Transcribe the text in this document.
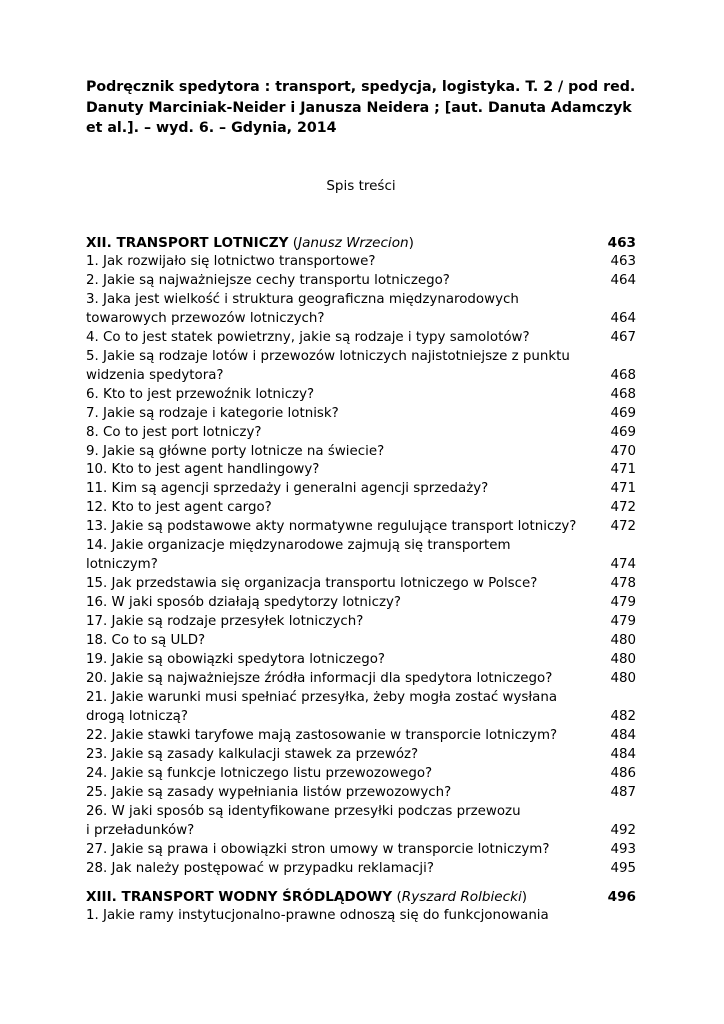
Podręcznik spedytora : transport, spedycja, logistyka. T. 2 / pod red. Danuty Marciniak-Neider i Janusza Neidera ; [aut. Danuta Adamczyk et al.]. – wyd. 6. – Gdynia, 2014
Spis treści
XII. TRANSPORT LOTNICZY (Janusz Wrzecion)	463
1. Jak rozwijało się lotnictwo transportowe?	463
2. Jakie są najważniejsze cechy transportu lotniczego?	464
3. Jaka jest wielkość i struktura geograficzna międzynarodowych
towarowych przewozów lotniczych?	464
4. Co to jest statek powietrzny, jakie są rodzaje i typy samolotów?	467
5. Jakie są rodzaje lotów i przewozów lotniczych najistotniejsze z punktu
widzenia spedytora?	468
6. Kto to jest przewoźnik lotniczy?	468
7. Jakie są rodzaje i kategorie lotnisk?	469
8. Co to jest port lotniczy?	469
9. Jakie są główne porty lotnicze na świecie?	470
10. Kto to jest agent handlingowy?	471
11. Kim są agencji sprzedaży i generalni agencji sprzedaży?	471
12. Kto to jest agent cargo?	472
13. Jakie są podstawowe akty normatywne regulujące transport lotniczy?	472
14. Jakie organizacje międzynarodowe zajmują się transportem
lotniczym?	474
15. Jak przedstawia się organizacja transportu lotniczego w Polsce?	478
16. W jaki sposób działają spedytorzy lotniczy?	479
17. Jakie są rodzaje przesyłek lotniczych?	479
18. Co to są ULD?	480
19. Jakie są obowiązki spedytora lotniczego?	480
20. Jakie są najważniejsze źródła informacji dla spedytora lotniczego?	480
21. Jakie warunki musi spełniać przesyłka, żeby mogła zostać wysłana
drogą lotniczą?	482
22. Jakie stawki taryfowe mają zastosowanie w transporcie lotniczym?	484
23. Jakie są zasady kalkulacji stawek za przewóz?	484
24. Jakie są funkcje lotniczego listu przewozowego?	486
25. Jakie są zasady wypełniania listów przewozowych?	487
26. W jaki sposób są identyfikowane przesyłki podczas przewozu
i przeładunków?	492
27. Jakie są prawa i obowiązki stron umowy w transporcie lotniczym?	493
28. Jak należy postępować w przypadku reklamacji?	495
XIII. TRANSPORT WODNY ŚRÓDLĄDOWY (Ryszard Rolbiecki)	496
1. Jakie ramy instytucjonalno-prawne odnoszą się do funkcjonowania
